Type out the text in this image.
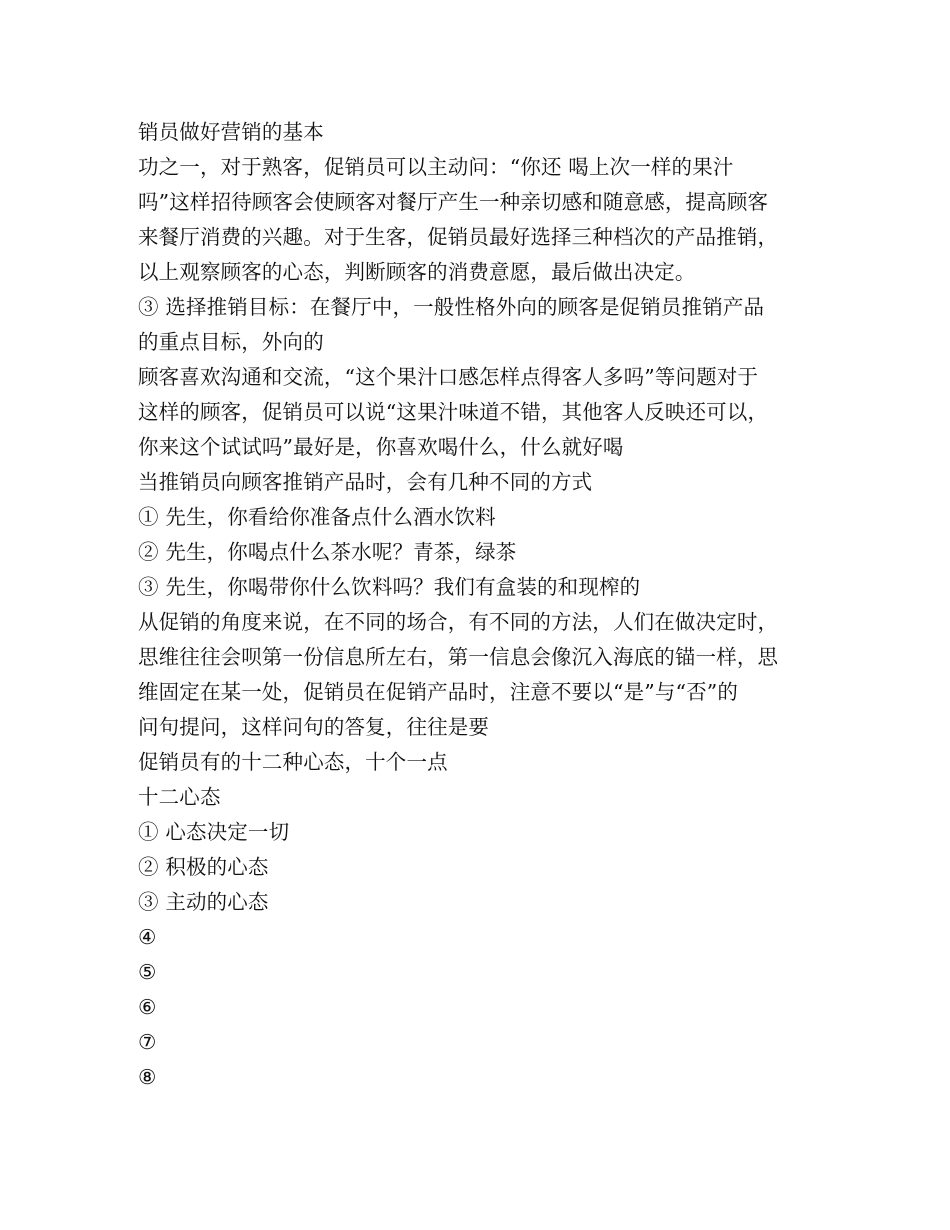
销员做好营销的基本
功之一，对于熟客，促销员可以主动问：“你还 喝上次一样的果汁
吗”这样招待顾客会使顾客对餐厅产生一种亲切感和随意感，提高顾客
来餐厅消费的兴趣。对于生客，促销员最好选择三种档次的产品推销，
以上观察顾客的心态，判断顾客的消费意愿，最后做出决定。
③ 选择推销目标：在餐厅中，一般性格外向的顾客是促销员推销产品
的重点目标，外向的
顾客喜欢沟通和交流，“这个果汁口感怎样点得客人多吗”等问题对于
这样的顾客，促销员可以说“这果汁味道不错，其他客人反映还可以，
你来这个试试吗”最好是，你喜欢喝什么，什么就好喝
当推销员向顾客推销产品时，会有几种不同的方式
① 先生，你看给你准备点什么酒水饮料
② 先生，你喝点什么茶水呢？青茶，绿茶
③ 先生，你喝带你什么饮料吗？我们有盒装的和现榨的
从促销的角度来说，在不同的场合，有不同的方法，人们在做决定时，
思维往往会呗第一份信息所左右，第一信息会像沉入海底的锚一样，思
维固定在某一处，促销员在促销产品时，注意不要以“是”与“否”的
问句提问，这样问句的答复，往往是要
促销员有的十二种心态，十个一点
十二心态
① 心态决定一切
② 积极的心态
③ 主动的心态
④
⑤
⑥
⑦
⑧
